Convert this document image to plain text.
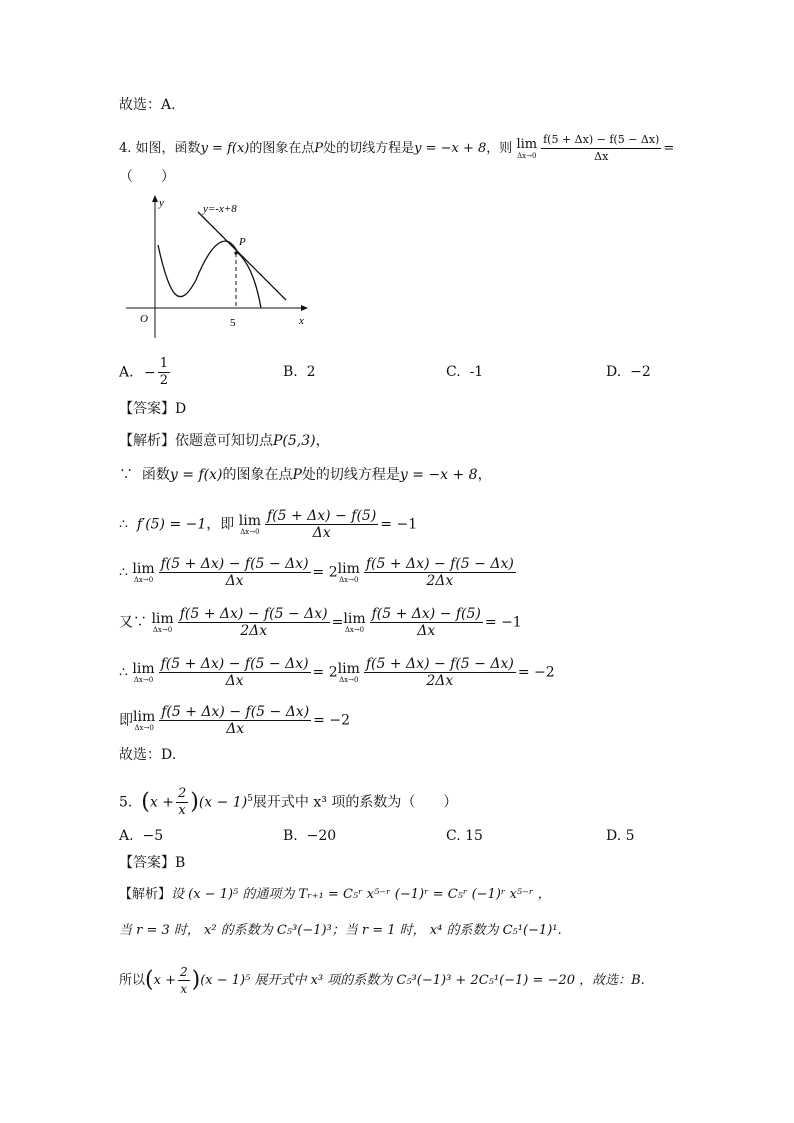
故选：A.
4. 如图，函数y = f(x)的图象在点P处的切线方程是y = −x + 8，则 lim
$\Delta x\to 0 \frac{f(5 + \Delta x) - f(5 - \Delta x)}{\Delta x}$ =
（　　）
y
x
O	5
P
y=-x+8
A. − $\frac{1}{2}$	B. 2	C. -1	D. −2
【答案】D
【解析】依题意可知切点P(5,3)，
∵ 函数y = f(x)的图象在点P处的切线方程是y = −x + 8，
∴ f′(5) = −1，即 lim
$\Delta x\to 0 \frac{f(5 + \Delta x) - f(5)}{\Delta x} = -1$
∴ lim
$\Delta x\to 0 \frac{f(5 + \Delta x) - f(5 - \Delta x)}{\Delta x} = 2$ lim
$\Delta x\to 0 \frac{f(5 + \Delta x) - f(5 - \Delta x)}{2\Delta x}$
又∵ lim
$\Delta x\to 0 \frac{f(5 + \Delta x) - f(5 - \Delta x)}{2\Delta x} = \lim$
$\Delta x\to 0 \frac{f(5 + \Delta x) - f(5)}{\Delta x} = -1$
∴ lim
$\Delta x\to 0 \frac{f(5 + \Delta x) - f(5 - \Delta x)}{\Delta x} = 2$ lim
$\Delta x\to 0 \frac{f(5 + \Delta x) - f(5 - \Delta x)}{2\Delta x} = -2$
即 lim
$\Delta x\to 0 \frac{f(5 + \Delta x) - f(5 - \Delta x)}{\Delta x} = -2$
故选：D.
5. $(x + \frac{2}{x} )(x - 1)^5$展开式中 x³ 项的系数为（　　）
A. −5	B. −20	C. 15	D. 5
【答案】B
【解析】设 (x − 1)⁵ 的通项为 Tᵣ₊₁ = C₅ʳ x⁵⁻ʳ (−1)ʳ = C₅ʳ (−1)ʳ x⁵⁻ʳ ，
当 r = 3 时， x² 的系数为 C₅³(−1)³；当 r = 1 时， x⁴ 的系数为 C₅¹(−1)¹.
所以$(x + \frac{2}{x} )(x - 1)^5$ 展开式中 x³ 项的系数为 C₅³(−1)³ + 2C₅¹(−1) = −20 ，故选：B.
